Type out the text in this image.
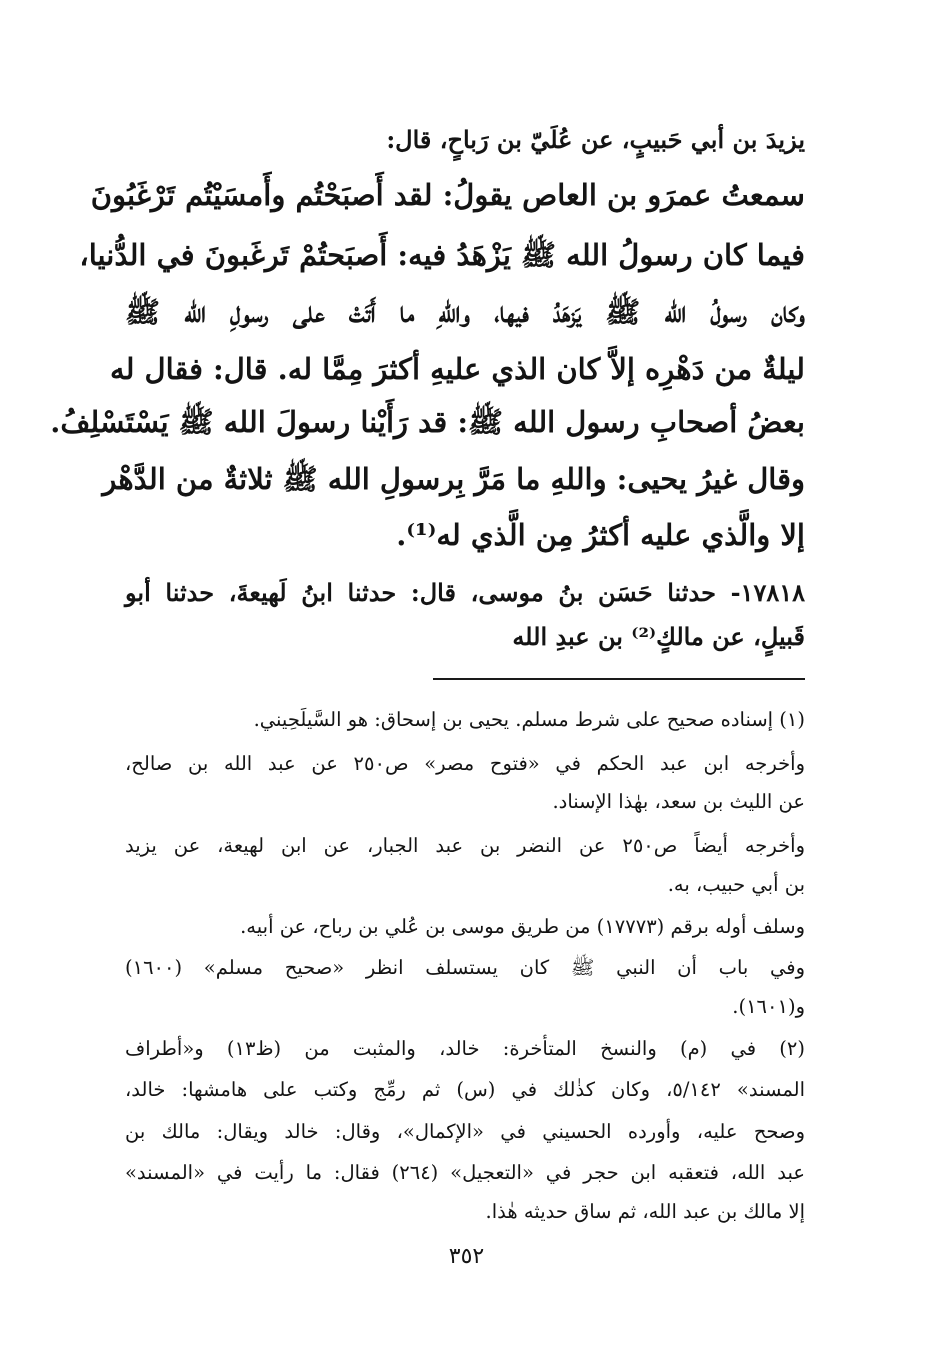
يزيدَ بن أبي حَبيبٍ، عن عُلَيّ بن رَباحٍ، قال:

سمعتُ عمرَو بن العاص يقولُ: لقد أَصبَحْتُم وأَمسَيْتُم تَرْغَبُونَ

فيما كان رسولُ الله ﷺ يَزْهَدُ فيه: أَصبَحتُمْ تَرغَبونَ في الدُّنيا،

وكان رسولُ الله ﷺ يَزهَدُ فيها، واللهِ ما أَتَتْ على رسولِ الله ﷺ

ليلةٌ من دَهْرِه إلاَّ كان الذي عليهِ أكثرَ مِمَّا له. قال: فقال له

بعضُ أصحابِ رسول الله ﷺ: قد رَأَيْنا رسولَ الله ﷺ يَسْتَسْلِفُ.

وقال غيرُ يحيى: واللهِ ما مَرَّ بِرسولِ الله ﷺ ثلاثةٌ من الدَّهْر

إلا والَّذي عليه أكثرُ مِن الَّذي له⁽¹⁾.

١٧٨١٨- حدثنا حَسَن بنُ موسى، قال: حدثنا ابنُ لَهيعةَ، حدثنا أبو

قَبيلٍ، عن مالكٍ⁽²⁾ بن عبدِ الله

(١) إسناده صحيح على شرط مسلم. يحيى بن إسحاق: هو السَّيلَحِيني.

وأخرجه ابن عبد الحكم في «فتوح مصر» ص٢٥٠ عن عبد الله بن صالح،

عن الليث بن سعد، بهٰذا الإسناد.

وأخرجه أيضاً ص٢٥٠ عن النضر بن عبد الجبار، عن ابن لهيعة، عن يزيد

بن أبي حبيب، به.

وسلف أوله برقم (١٧٧٧٣) من طريق موسى بن عُلي بن رباح، عن أبيه.

وفي باب أن النبي ﷺ كان يستسلف انظر «صحيح مسلم» (١٦٠٠)

و(١٦٠١).

(٢) في (م) والنسخ المتأخرة: خالد، والمثبت من (ظ١٣) و«أطراف

المسند» ٥/١٤٢، وكان كذٰلك في (س) ثم رمِّج وكتب على هامشها: خالد،

وصحح عليه، وأورده الحسيني في «الإكمال»، وقال: خالد ويقال: مالك بن

عبد الله، فتعقبه ابن حجر في «التعجيل» (٢٦٤) فقال: ما رأيت في «المسند»

إلا مالك بن عبد الله، ثم ساق حديثه هٰذا.

٣٥٢
